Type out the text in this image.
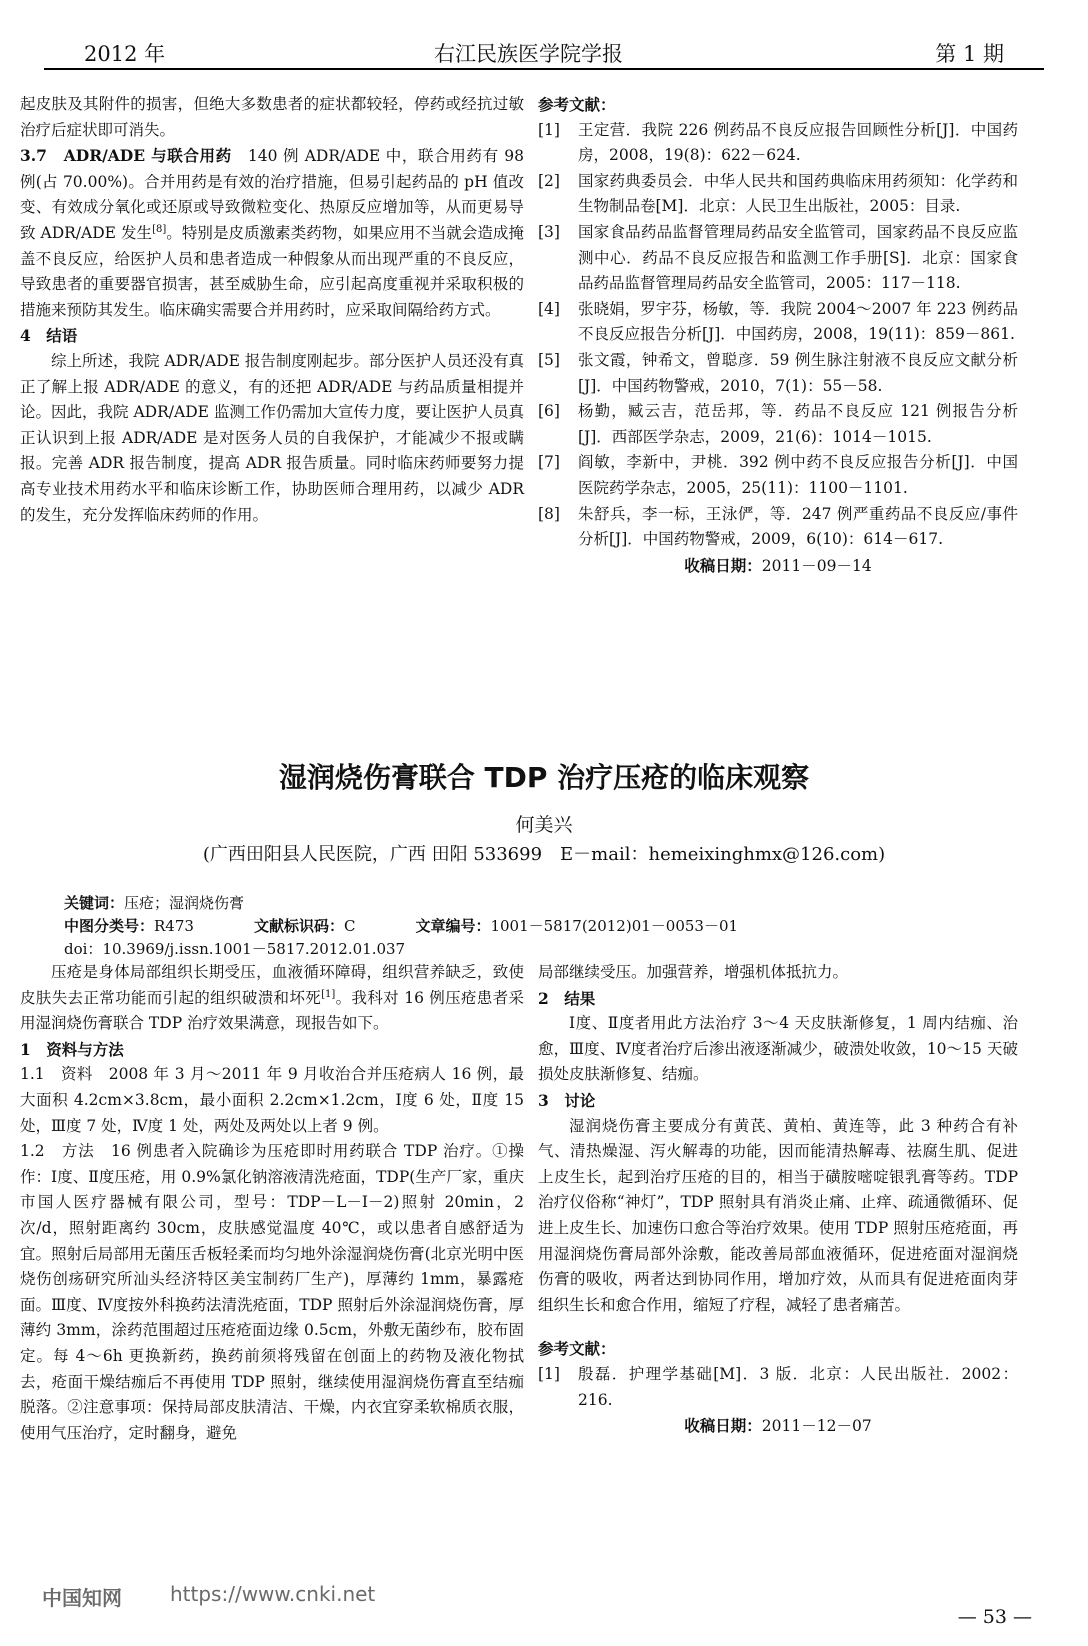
2012 年	右江民族医学院学报	第 1 期

起皮肤及其附件的损害，但绝大多数患者的症状都较轻，停药或经抗过敏治疗后症状即可消失。

3.7　ADR/ADE 与联合用药　140 例 ADR/ADE 中，联合用药有 98 例(占 70.00%)。合并用药是有效的治疗措施，但易引起药品的 pH 值改变、有效成分氧化或还原或导致微粒变化、热原反应增加等，从而更易导致 ADR/ADE 发生[8]。特别是皮质激素类药物，如果应用不当就会造成掩盖不良反应，给医护人员和患者造成一种假象从而出现严重的不良反应，导致患者的重要器官损害，甚至威胁生命，应引起高度重视并采取积极的措施来预防其发生。临床确实需要合并用药时，应采取间隔给药方式。

4　结语

综上所述，我院 ADR/ADE 报告制度刚起步。部分医护人员还没有真正了解上报 ADR/ADE 的意义，有的还把 ADR/ADE 与药品质量相提并论。因此，我院 ADR/ADE 监测工作仍需加大宣传力度，要让医护人员真正认识到上报 ADR/ADE 是对医务人员的自我保护，才能减少不报或瞒报。完善 ADR 报告制度，提高 ADR 报告质量。同时临床药师要努力提高专业技术用药水平和临床诊断工作，协助医师合理用药，以减少 ADR 的发生，充分发挥临床药师的作用。

参考文献：

[1]	王定营．我院 226 例药品不良反应报告回顾性分析[J]．中国药房，2008，19(8)：622－624.
[2]	国家药典委员会．中华人民共和国药典临床用药须知：化学药和生物制品卷[M]．北京：人民卫生出版社，2005：目录.
[3]	国家食品药品监督管理局药品安全监管司，国家药品不良反应监测中心．药品不良反应报告和监测工作手册[S]．北京：国家食品药品监督管理局药品安全监管司，2005：117－118.
[4]	张晓娟，罗宇芬，杨敏，等．我院 2004～2007 年 223 例药品不良反应报告分析[J]．中国药房，2008，19(11)：859－861.
[5]	张文霞，钟希文，曾聪彦．59 例生脉注射液不良反应文献分析[J]．中国药物警戒，2010，7(1)：55－58.
[6]	杨勤，臧云吉，范岳邦，等．药品不良反应 121 例报告分析[J]．西部医学杂志，2009，21(6)：1014－1015.
[7]	阎敏，李新中，尹桃．392 例中药不良反应报告分析[J]．中国医院药学杂志，2005，25(11)：1100－1101.
[8]	朱舒兵，李一标，王泳俨，等．247 例严重药品不良反应/事件分析[J]．中国药物警戒，2009，6(10)：614－617.

收稿日期：2011－09－14

湿润烧伤膏联合 TDP 治疗压疮的临床观察
何美兴
(广西田阳县人民医院，广西 田阳 533699　E－mail：hemeixinghmx@126.com)
关键词：压疮；湿润烧伤膏
中图分类号：R473	文献标识码：C	文章编号：1001－5817(2012)01－0053－01
doi：10.3969/j.issn.1001－5817.2012.01.037

压疮是身体局部组织长期受压，血液循环障碍，组织营养缺乏，致使皮肤失去正常功能而引起的组织破溃和坏死[1]。我科对 16 例压疮患者采用湿润烧伤膏联合 TDP 治疗效果满意，现报告如下。

1　资料与方法

1.1　资料　2008 年 3 月～2011 年 9 月收治合并压疮病人 16 例，最大面积 4.2cm×3.8cm，最小面积 2.2cm×1.2cm，Ⅰ度 6 处，Ⅱ度 15 处，Ⅲ度 7 处，Ⅳ度 1 处，两处及两处以上者 9 例。

1.2　方法　16 例患者入院确诊为压疮即时用药联合 TDP 治疗。①操作：Ⅰ度、Ⅱ度压疮，用 0.9%氯化钠溶液清洗疮面，TDP(生产厂家，重庆市国人医疗器械有限公司，型号：TDP－L－I－2)照射 20min，2 次/d，照射距离约 30cm，皮肤感觉温度 40℃，或以患者自感舒适为宜。照射后局部用无菌压舌板轻柔而均匀地外涂湿润烧伤膏(北京光明中医烧伤创疡研究所汕头经济特区美宝制药厂生产)，厚薄约 1mm，暴露疮面。Ⅲ度、Ⅳ度按外科换药法清洗疮面，TDP 照射后外涂湿润烧伤膏，厚薄约 3mm，涂药范围超过压疮疮面边缘 0.5cm，外敷无菌纱布，胶布固定。每 4～6h 更换新药，换药前须将残留在创面上的药物及液化物拭去，疮面干燥结痂后不再使用 TDP 照射，继续使用湿润烧伤膏直至结痂脱落。②注意事项：保持局部皮肤清洁、干燥，内衣宜穿柔软棉质衣服，使用气压治疗，定时翻身，避免

局部继续受压。加强营养，增强机体抵抗力。

2　结果

Ⅰ度、Ⅱ度者用此方法治疗 3～4 天皮肤渐修复，1 周内结痂、治愈，Ⅲ度、Ⅳ度者治疗后渗出液逐渐减少，破溃处收敛，10～15 天破损处皮肤渐修复、结痂。

3　讨论

湿润烧伤膏主要成分有黄芪、黄柏、黄连等，此 3 种药合有补气、清热燥湿、泻火解毒的功能，因而能清热解毒、祛腐生肌、促进上皮生长，起到治疗压疮的目的，相当于磺胺嘧啶银乳膏等药。TDP 治疗仪俗称“神灯”，TDP 照射具有消炎止痛、止痒、疏通微循环、促进上皮生长、加速伤口愈合等治疗效果。使用 TDP 照射压疮疮面，再用湿润烧伤膏局部外涂敷，能改善局部血液循环，促进疮面对湿润烧伤膏的吸收，两者达到协同作用，增加疗效，从而具有促进疮面肉芽组织生长和愈合作用，缩短了疗程，减轻了患者痛苦。

参考文献：

[1]	殷磊．护理学基础[M]．3 版．北京：人民出版社．2002：216.

收稿日期：2011－12－07

中国知网 https://www.cnki.net
— 53 —
